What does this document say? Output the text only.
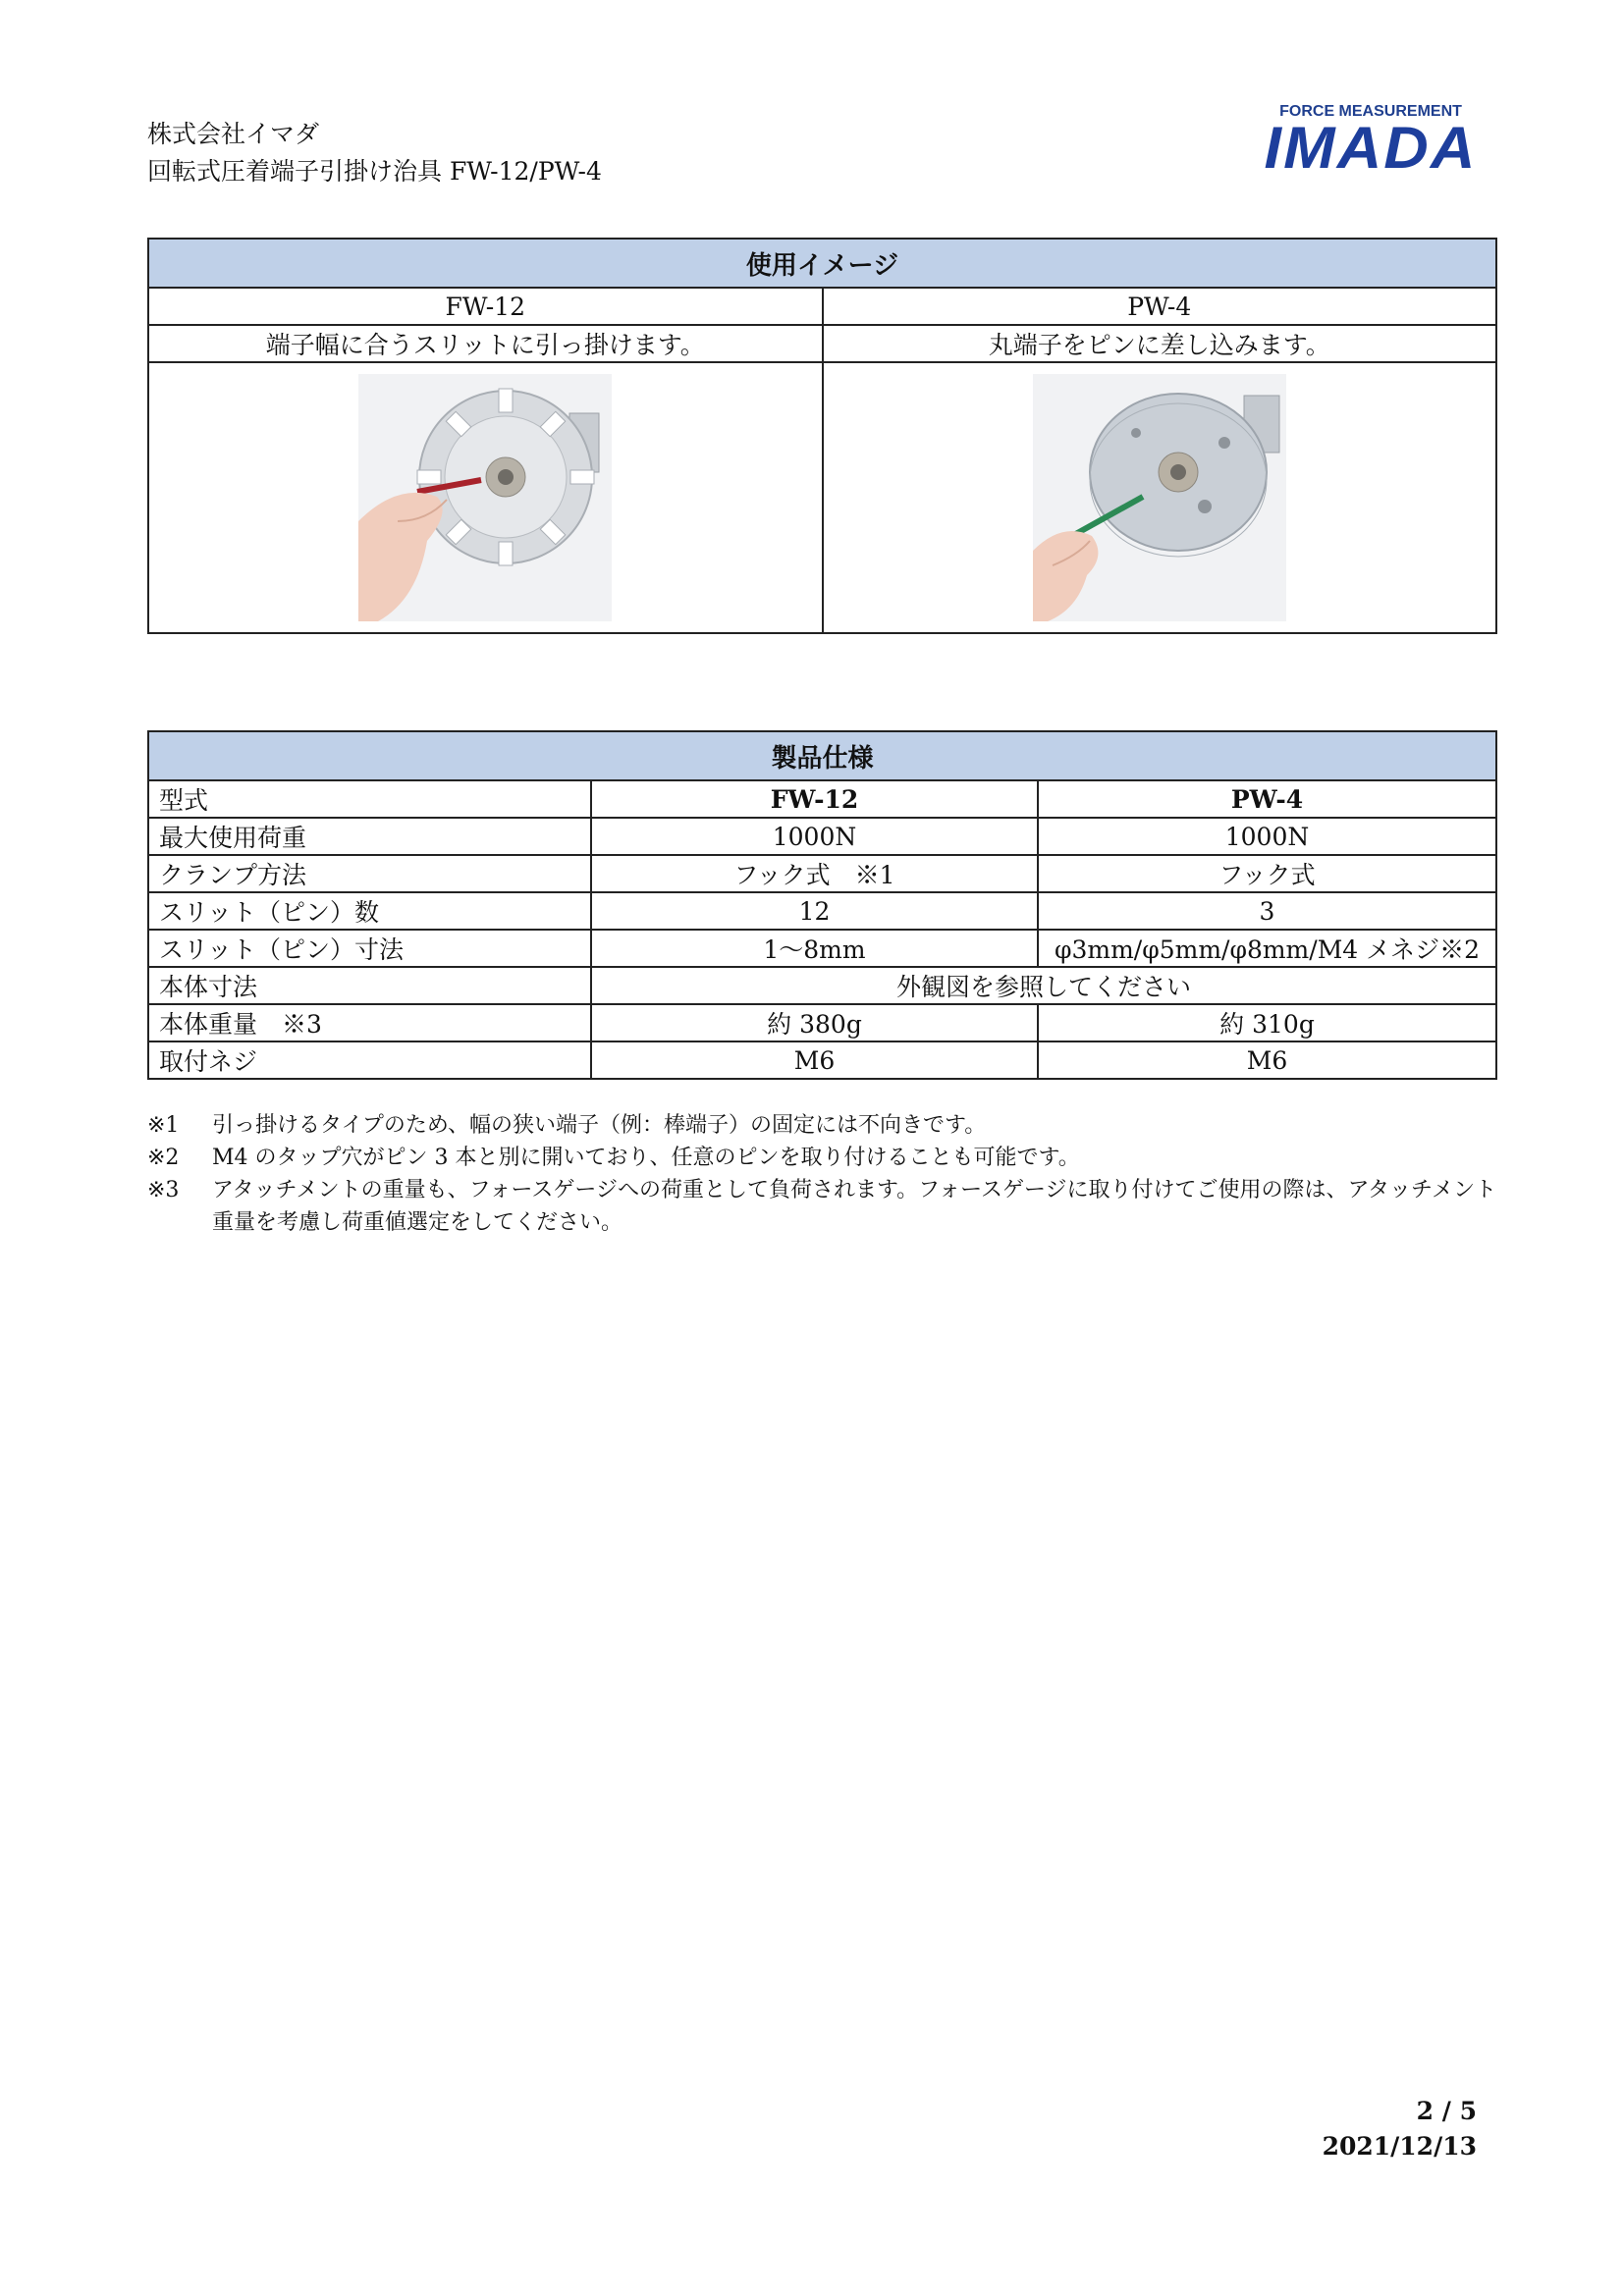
株式会社イマダ
回転式圧着端子引掛け治具 FW-12/PW-4
FORCE MEASUREMENT
IMADA
使用イメージ	
FW-12	PW-4
端子幅に合うスリットに引っ掛けます。	丸端子をピンに差し込みます。

製品仕様		
型式	FW-12	PW-4
最大使用荷重	1000N	1000N
クランプ方法	フック式　※1	フック式
スリット（ピン）数	12	3
スリット（ピン）寸法	1～8mm	φ3mm/φ5mm/φ8mm/M4 メネジ※2
本体寸法	外観図を参照してください	
本体重量　※3	約 380g	約 310g
取付ネジ	M6	M6
※1	引っ掛けるタイプのため、幅の狭い端子（例：棒端子）の固定には不向きです。
※2	M4 のタップ穴がピン 3 本と別に開いており、任意のピンを取り付けることも可能です。
※3	アタッチメントの重量も、フォースゲージへの荷重として負荷されます。フォースゲージに取り付けてご使用の際は、アタッチメント重量を考慮し荷重値選定をしてください。
2 / 5
2021/12/13
